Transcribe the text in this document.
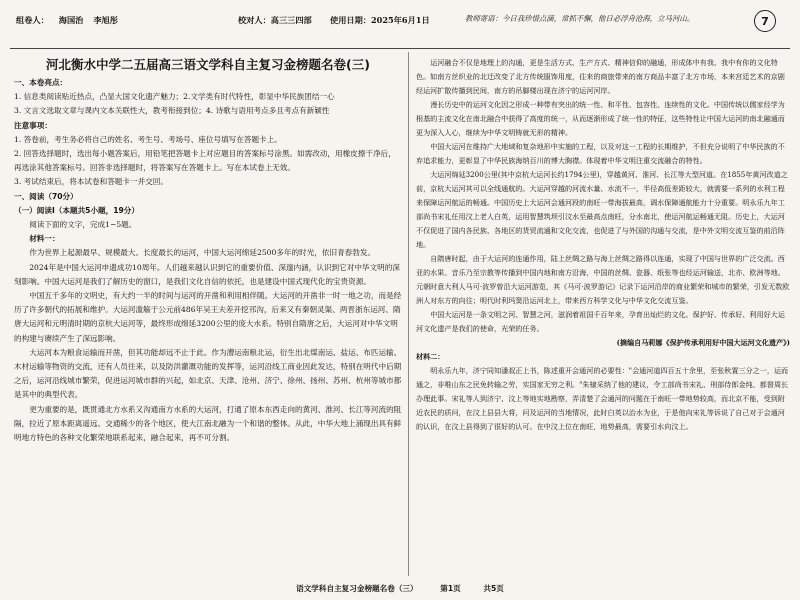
组卷人： 海国治 李旭彤	校对人：高三三四部 使用日期：2025年6月1日	教师寄语：今日我珍惜点滴，常抓不懈，他日必浮舟沧海，立马河山。	7
河北衡水中学二五届高三语文学科自主复习金榜题名卷(三)

一、本卷亮点：

1. 信息类阅读贴近热点，凸显大国文化遗产魅力；2.文学类有时代特性，彰显中华民族团结一心

3. 文言文选取文章与课内文本关联性大，教考衔接到位；4. 诗歌与语用考点多且考点有新颖性

注意事项：

1. 答卷前，考生务必将自己的姓名、考生号、考场号、座位号填写在答题卡上。

2. 回答选择题时，选出每小题答案后，用铅笔把答题卡上对应题目的答案标号涂黑。如需改动，用橡皮擦干净后，再选涂其他答案标号。回答非选择题时，将答案写在答题卡上。写在本试卷上无效。

3. 考试结束后，将本试卷和答题卡一并交回。

一、阅读（70分）

（一）阅读Ⅰ（本题共5小题，19分）

阅读下面的文字，完成1~5题。

材料一：

作为世界上起源最早、规模最大、长度最长的运河，中国大运河绵延2500多年的时光，依旧青春勃发。

2024年是中国大运河申遗成功10周年。人们越来越认识到它的重要价值、深邃内涵，认识到它对中华文明的深刻影响。中国大运河是我们了解历史的窗口，是我们文化自信的依托，也是建设中国式现代化的宝贵资源。

中国五千多年的文明史，有大约一半的时间与运河的开凿和利用相伴随。大运河的开凿非一时一地之功，而是经历了许多朝代的拓展和维护。大运河滥觞于公元前486年吴王夫差开挖邗沟，后来又有秦朝灵渠、两晋浙东运河、隋唐大运河和元明清时期的京杭大运河等，最终形成绵延3200公里的庞大水系。特别自隋唐之后，大运河对中华文明的构建与赓续产生了深远影响。

大运河本为粮食运输而开凿，但其功能却远不止于此。作为漕运南粮北运，衍生出北煤南运、盐运、布匹运输、木材运输等物资的交流，还有人员往来，以及防洪灌溉功能的发挥等，运河沿线工商业因此发达，特别在明代中后期之后，运河沿线城市繁荣，促进运河城市群的兴起，如北京、天津、沧州、济宁、徐州、扬州、苏州、杭州等城市都是其中的典型代表。

更为重要的是，既贯通北方水系又沟通南方水系的大运河，打通了原本东西走向的黄河、淮河、长江等河流的阻隔，拉近了原本距离遥远、交通稀少的各个地区，使大江南北融为一个和谐的整体。从此，中华大地上涌现出具有鲜明地方特色的各种文化繁荣地联系起来，融合起来，再不可分割。

运河融合不仅是地理上的沟通，更是生活方式、生产方式、精神信仰的融通，形成体中有我、我中有你的文化特色。如南方丝织业的北迁改变了北方传统服饰用度，往来的商旅带来的南方商品丰富了北方市场，本来宫廷艺术的京剧经运河扩散传播到民间，南方的吊脚楼出现在济宁的运河河岸。

漫长历史中的运河文化因之形成一种带有突出的统一性、和平性、包容性、连续性的文化。中国传统以儒家经学为根基的主流文化在南北融合中获得了高度的统一，从而逐渐形成了统一性的特征，这些特性让中国大运河的南北融通而更为深入人心，继续为中华文明铸就无形的精神。

中国大运河在维持广大地域和复杂地形中实施的工程，以及对这一工程的长期维护，不但充分说明了中华民族的不弃追求能力，更彰显了中华民族海纳百川的博大胸襟。体现着中华文明注重交流融合的特性。

大运河绵延3200公里(其中京杭大运河长约1794公里)，穿越黄河、淮河、长江等大型河道。在1855年黄河改道之前，京杭大运河其可以全线通航的。大运河穿越的河流水量、水流不一，半径高低差距较大，就需要一系列的水利工程来保障运河航运的畅通。中国历史上大运河会通河段的南旺一带海拔最高，调水保障通航能力十分重要。明永乐九年工部尚书宋礼任用汶上老人白英，运用智慧筑坝引汶水至最高点南旺，分水南北，使运河航运畅通无阻。历史上，大运河不仅促进了国内各民族、各地区的货贸流通和文化交流，也促进了与外国的沟通与交流，是中外文明交流互鉴的前沿阵地。

自隋唐时起，由于大运河的连通作用，陆上丝绸之路与海上丝绸之路得以连通，实现了中国与世界的广泛交流。西亚的水果、音乐乃至宗教等传播到中国内地和南方沿海，中国的丝绸、瓷器、纸张等也经运河输送，北亦、欧洲等地。元朝时意大利人马可·波罗曾沿大运河游览，其《马可·波罗游记》记录下运河沿岸的商业繁荣和城市的繁荣，引发无数欧洲人对东方的向往；明代时利玛窦沿运河北上，带来西方科学文化与中华文化交流互鉴。

中国大运河是一条文明之河、智慧之河，滋润着祖国千百年来，孕育出灿烂的文化。保护好、传承好、利用好大运河文化遗产是我们的使命，光荣的任务。

(摘编自马莉娜《保护传承利用好中国大运河文化遗产》)

材料二：

明永乐九年，济宁同知潘叔正上书，陈述重开会通河的必要性："会通河道四百五十余里，至张秋置三分之一，运而通之，非唯山东之民免转输之劳，实国家无穷之利。"朱棣采纳了他的建议，令工部尚书宋礼、刑部侍郎金纯、都督周长办理此事。宋礼等人到济宁、汶上等地实地勘察，弄清楚了会通河的问题在于南旺一带地势较高，而北京不能，受到附近农民的质问，在汶上县县大将，问及运河的当地情况，此时白英以治水为业，于是他向宋礼等诉说了自己对于会通河的认识，在汶上县得到了很好的认可。在中汶上位在南旺，地势最高，需要引水向汶上。

语文学科自主复习金榜题名卷（三）	第1页	共5页
